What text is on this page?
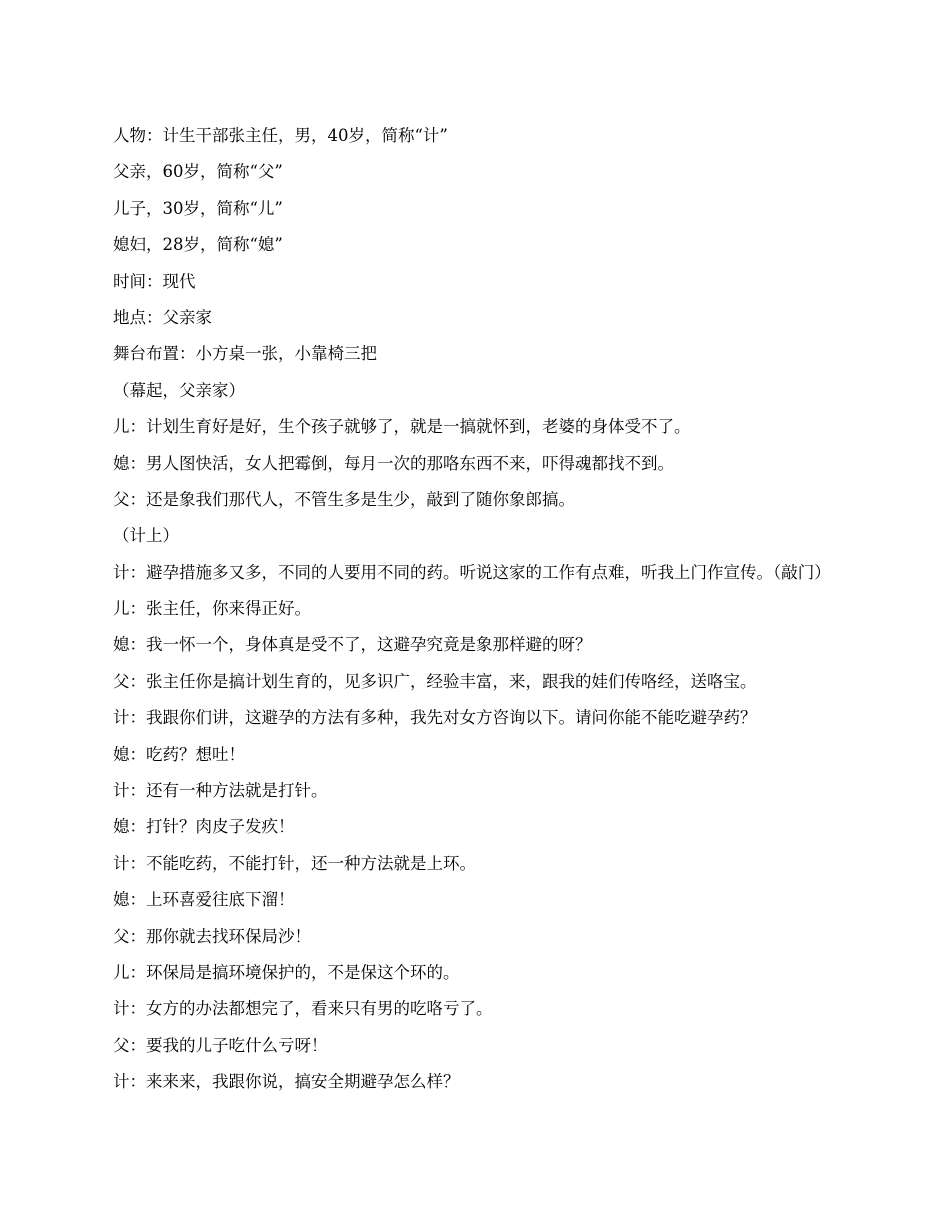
人物：计生干部张主任，男，40岁，简称“计”

父亲，60岁，简称“父”

儿子，30岁，简称“儿”

媳妇，28岁，简称“媳”

时间：现代

地点：父亲家

舞台布置：小方桌一张，小靠椅三把

（幕起，父亲家）

儿：计划生育好是好，生个孩子就够了，就是一搞就怀到，老婆的身体受不了。

媳：男人图快活，女人把霉倒，每月一次的那咯东西不来，吓得魂都找不到。

父：还是象我们那代人，不管生多是生少，敲到了随你象郎搞。

（计上）

计：避孕措施多又多，不同的人要用不同的药。听说这家的工作有点难，听我上门作宣传。（敲门）

儿：张主任，你来得正好。

媳：我一怀一个，身体真是受不了，这避孕究竟是象那样避的呀？

父：张主任你是搞计划生育的，见多识广，经验丰富，来，跟我的娃们传咯经，送咯宝。

计：我跟你们讲，这避孕的方法有多种，我先对女方咨询以下。请问你能不能吃避孕药？

媳：吃药？想吐！

计：还有一种方法就是打针。

媳：打针？肉皮子发疚！

计：不能吃药，不能打针，还一种方法就是上环。

媳：上环喜爱往底下溜！

父：那你就去找环保局沙！

儿：环保局是搞环境保护的，不是保这个环的。

计：女方的办法都想完了，看来只有男的吃咯亏了。

父：要我的儿子吃什么亏呀！

计：来来来，我跟你说，搞安全期避孕怎么样？
